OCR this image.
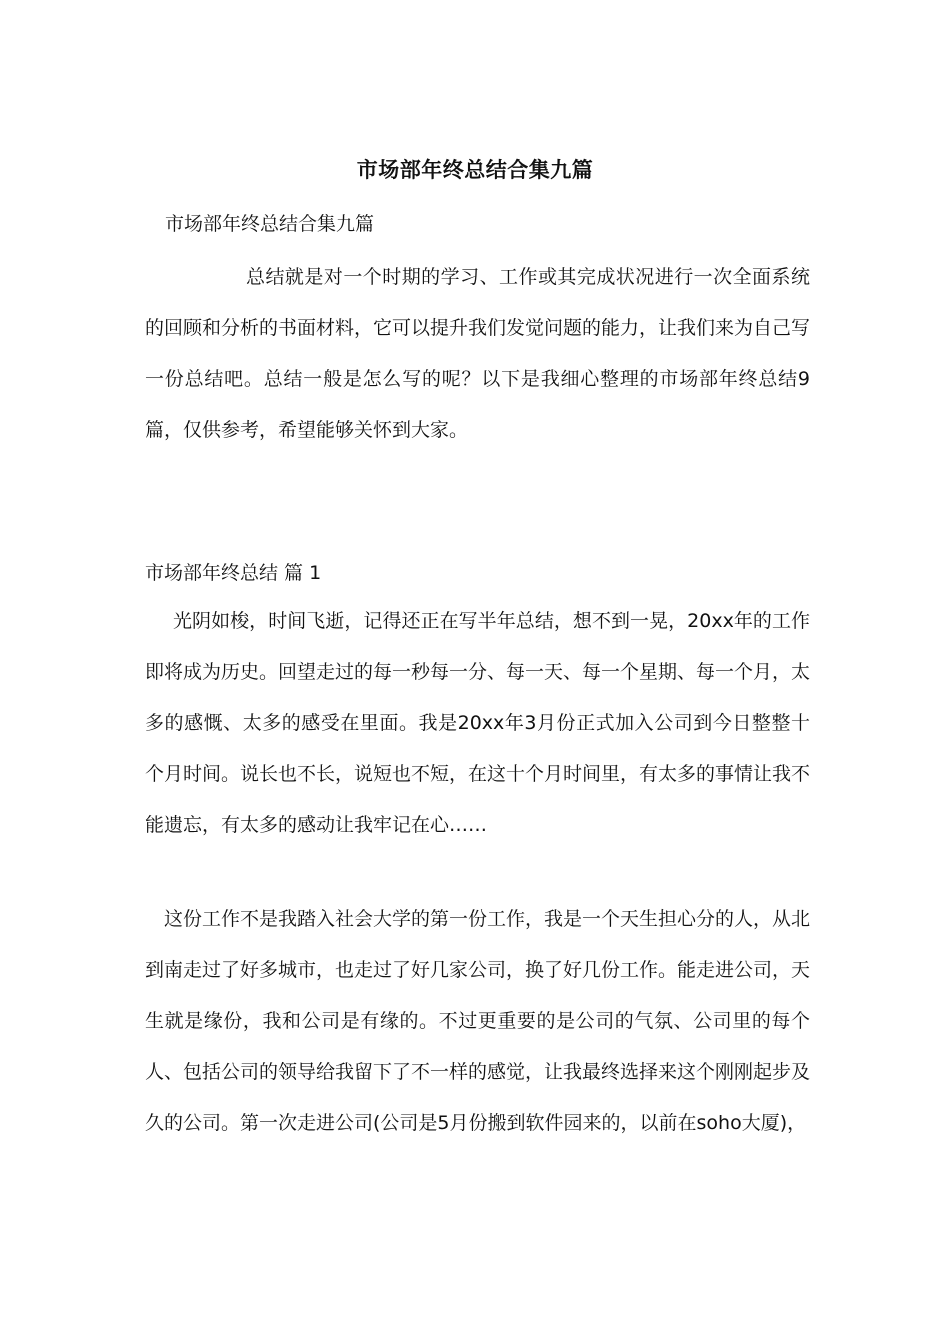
市场部年终总结合集九篇
市场部年终总结合集九篇

总结就是对一个时期的学习、工作或其完成状况进行一次全面系统的回顾和分析的书面材料，它可以提升我们发觉问题的能力，让我们来为自己写一份总结吧。总结一般是怎么写的呢？以下是我细心整理的市场部年终总结9篇，仅供参考，希望能够关怀到大家。

市场部年终总结 篇 1

光阴如梭，时间飞逝，记得还正在写半年总结，想不到一晃，20xx年的工作即将成为历史。回望走过的每一秒每一分、每一天、每一个星期、每一个月，太多的感慨、太多的感受在里面。我是20xx年3月份正式加入公司到今日整整十个月时间。说长也不长，说短也不短，在这十个月时间里，有太多的事情让我不能遗忘，有太多的感动让我牢记在心……

这份工作不是我踏入社会大学的第一份工作，我是一个天生担心分的人，从北到南走过了好多城市，也走过了好几家公司，换了好几份工作。能走进公司，天生就是缘份，我和公司是有缘的。不过更重要的是公司的气氛、公司里的每个人、包括公司的领导给我留下了不一样的感觉，让我最终选择来这个刚刚起步及久的公司。第一次走进公司(公司是5月份搬到软件园来的，以前在soho大厦)，
